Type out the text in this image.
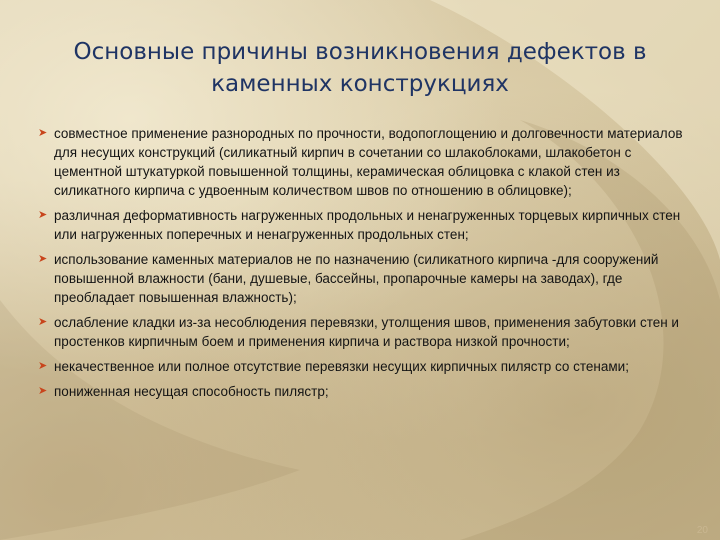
Основные причины возникновения дефектов в каменных конструкциях
➤ совместное применение разнородных по прочности, водопоглощению и долговечности материалов для несущих конструкций (силикатный кирпич в сочетании со шлакоблоками, шлакобетон с цементной штукатуркой повышенной толщины, керамическая облицовка с клакой стен из силикатного кирпича с удвоенным количеством швов по отношению в облицовке);
➤ различная деформативность нагруженных продольных и ненагруженных торцевых кирпичных стен или нагруженных поперечных и ненагруженных продольных стен;
➤ использование каменных материалов не по назначению (силикатного кирпича -для сооружений повышенной влажности (бани, душевые, бассейны, пропарочные камеры на заводах), где преобладает повышенная влажность);
➤ ослабление кладки из-за несоблюдения перевязки, утолщения швов, применения забутовки стен и простенков кирпичным боем и применения кирпича и раствора низкой прочности;
➤ некачественное или полное отсутствие перевязки несущих кирпичных пилястр со стенами;
➤ пониженная несущая способность пилястр;
20
